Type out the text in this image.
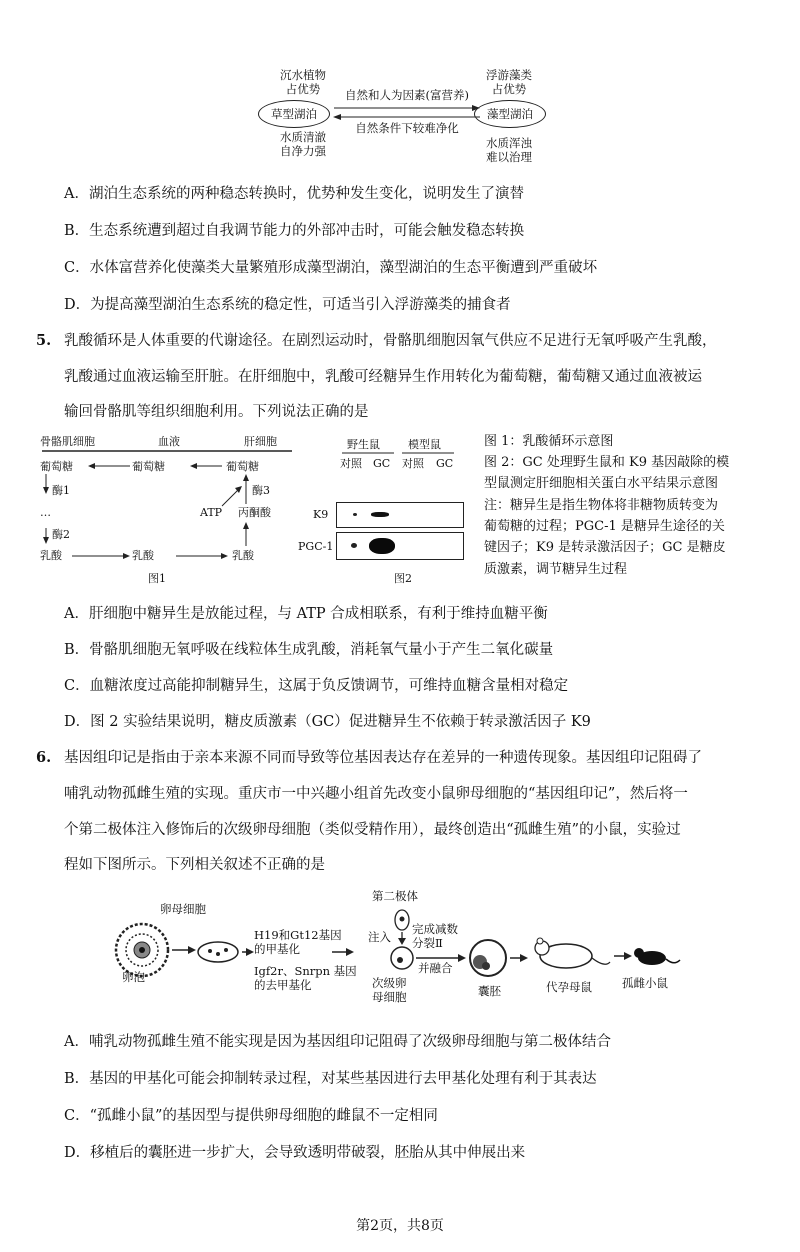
沉水植物
占优势
草型湖泊
水质清澈
自净力强
自然和人为因素(富营养)
自然条件下较难净化
浮游藻类
占优势
藻型湖泊
水质浑浊
难以治理
A．湖泊生态系统的两种稳态转换时，优势种发生变化，说明发生了演替
B．生态系统遭到超过自我调节能力的外部冲击时，可能会触发稳态转换
C．水体富营养化使藻类大量繁殖形成藻型湖泊，藻型湖泊的生态平衡遭到严重破坏
D．为提高藻型湖泊生态系统的稳定性，可适当引入浮游藻类的捕食者
5. 乳酸循环是人体重要的代谢途径。在剧烈运动时，骨骼肌细胞因氧气供应不足进行无氧呼吸产生乳酸，
乳酸通过血液运输至肝脏。在肝细胞中，乳酸可经糖异生作用转化为葡萄糖，葡萄糖又通过血液被运
输回骨骼肌等组织细胞利用。下列说法正确的是
骨骼肌细胞	血液	肝细胞
葡萄糖	葡萄糖	葡萄糖
酶1
…
酶2
酶3
ATP 丙酮酸
乳酸	乳酸	乳酸
图1
野生鼠	模型鼠
对照 GC 对照 GC
K9
PGC-1
图2
图 1：乳酸循环示意图
图 2：GC 处理野生鼠和 K9 基因敲除的模
型鼠测定肝细胞相关蛋白水平结果示意图
注：糖异生是指生物体将非糖物质转变为
葡萄糖的过程；PGC-1 是糖异生途径的关
键因子；K9 是转录激活因子；GC 是糖皮
质激素，调节糖异生过程
A．肝细胞中糖异生是放能过程，与 ATP 合成相联系，有利于维持血糖平衡
B．骨骼肌细胞无氧呼吸在线粒体生成乳酸，消耗氧气量小于产生二氧化碳量
C．血糖浓度过高能抑制糖异生，这属于负反馈调节，可维持血糖含量相对稳定
D．图 2 实验结果说明，糖皮质激素（GC）促进糖异生不依赖于转录激活因子 K9
6. 基因组印记是指由于亲本来源不同而导致等位基因表达存在差异的一种遗传现象。基因组印记阻碍了
哺乳动物孤雌生殖的实现。重庆市一中兴趣小组首先改变小鼠卵母细胞的“基因组印记”，然后将一
个第二极体注入修饰后的次级卵母细胞（类似受精作用），最终创造出“孤雌生殖”的小鼠，实验过
程如下图所示。下列相关叙述不正确的是
第二极体
卵母细胞
卵泡
H19和Gt12基因
的甲基化
Igf2r、Snrpn 基因
的去甲基化
注入
次级卵
母细胞
完成减数
分裂Ⅱ
并融合
囊胚	代孕母鼠	孤雌小鼠
A．哺乳动物孤雌生殖不能实现是因为基因组印记阻碍了次级卵母细胞与第二极体结合
B．基因的甲基化可能会抑制转录过程，对某些基因进行去甲基化处理有利于其表达
C．“孤雌小鼠”的基因型与提供卵母细胞的雌鼠不一定相同
D．移植后的囊胚进一步扩大，会导致透明带破裂，胚胎从其中伸展出来
第2页，共8页
